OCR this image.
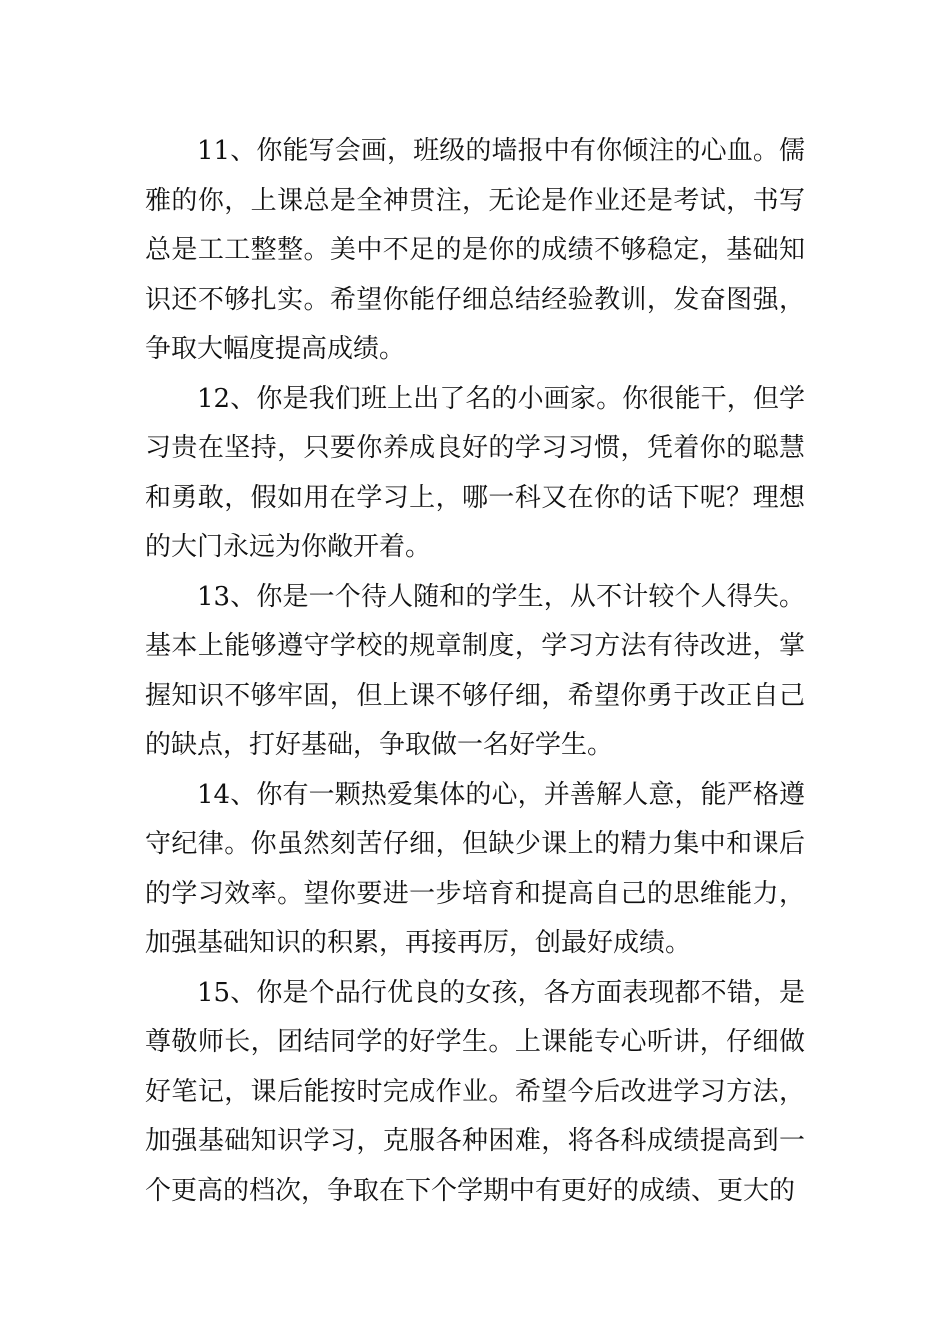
11、你能写会画，班级的墙报中有你倾注的心血。儒雅的你，上课总是全神贯注，无论是作业还是考试，书写总是工工整整。美中不足的是你的成绩不够稳定，基础知识还不够扎实。希望你能仔细总结经验教训，发奋图强，争取大幅度提高成绩。

12、你是我们班上出了名的小画家。你很能干，但学习贵在坚持，只要你养成良好的学习习惯，凭着你的聪慧和勇敢，假如用在学习上，哪一科又在你的话下呢？理想的大门永远为你敞开着。

13、你是一个待人随和的学生，从不计较个人得失。基本上能够遵守学校的规章制度，学习方法有待改进，掌握知识不够牢固，但上课不够仔细，希望你勇于改正自己的缺点，打好基础，争取做一名好学生。

14、你有一颗热爱集体的心，并善解人意，能严格遵守纪律。你虽然刻苦仔细，但缺少课上的精力集中和课后的学习效率。望你要进一步培育和提高自己的思维能力，加强基础知识的积累，再接再厉，创最好成绩。

15、你是个品行优良的女孩，各方面表现都不错，是尊敬师长，团结同学的好学生。上课能专心听讲，仔细做好笔记，课后能按时完成作业。希望今后改进学习方法，加强基础知识学习，克服各种困难，将各科成绩提高到一个更高的档次，争取在下个学期中有更好的成绩、更大的
